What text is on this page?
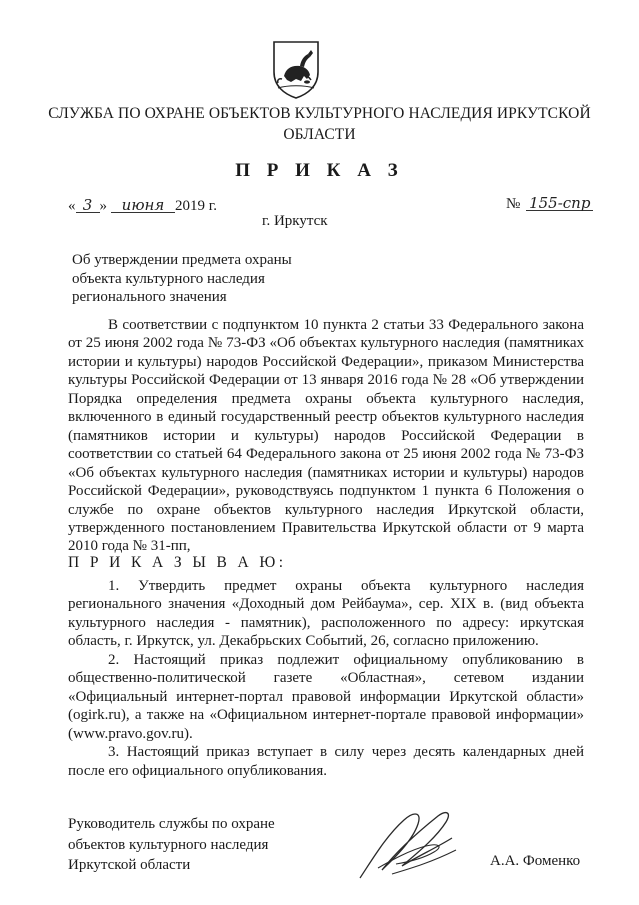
СЛУЖБА ПО ОХРАНЕ ОБЪЕКТОВ КУЛЬТУРНОГО НАСЛЕДИЯ ИРКУТСКОЙ
ОБЛАСТИ
П Р И К А З
« 3 » июня 2019 г.	№ 155-спр
г. Иркутск
Об утверждении предмета охраны
объекта культурного наследия
регионального значения

В соответствии с подпунктом 10 пункта 2 статьи 33 Федерального закона от 25 июня 2002 года № 73-ФЗ «Об объектах культурного наследия (памятниках истории и культуры) народов Российской Федерации», приказом Министерства культуры Российской Федерации от 13 января 2016 года № 28 «Об утверждении Порядка определения предмета охраны объекта культурного наследия, включенного в единый государственный реестр объектов культурного наследия (памятников истории и культуры) народов Российской Федерации в соответствии со статьей 64 Федерального закона от 25 июня 2002 года № 73-ФЗ «Об объектах культурного наследия (памятниках истории и культуры) народов Российской Федерации», руководствуясь подпунктом 1 пункта 6 Положения о службе по охране объектов культурного наследия Иркутской области, утвержденного постановлением Правительства Иркутской области от 9 марта 2010 года № 31-пп,

П Р И К А З Ы В А Ю:

1. Утвердить предмет охраны объекта культурного наследия регионального значения «Доходный дом Рейбаума», сер. XIX в. (вид объекта культурного наследия - памятник), расположенного по адресу: иркутская область, г. Иркутск, ул. Декабрьских Событий, 26, согласно приложению.

2. Настоящий приказ подлежит официальному опубликованию в общественно-политической газете «Областная», сетевом издании «Официальный интернет-портал правовой информации Иркутской области» (ogirk.ru), а также на «Официальном интернет-портале правовой информации» (www.pravo.gov.ru).

3. Настоящий приказ вступает в силу через десять календарных дней после его официального опубликования.

Руководитель службы по охране
объектов культурного наследия
Иркутской области	А.А. Фоменко
